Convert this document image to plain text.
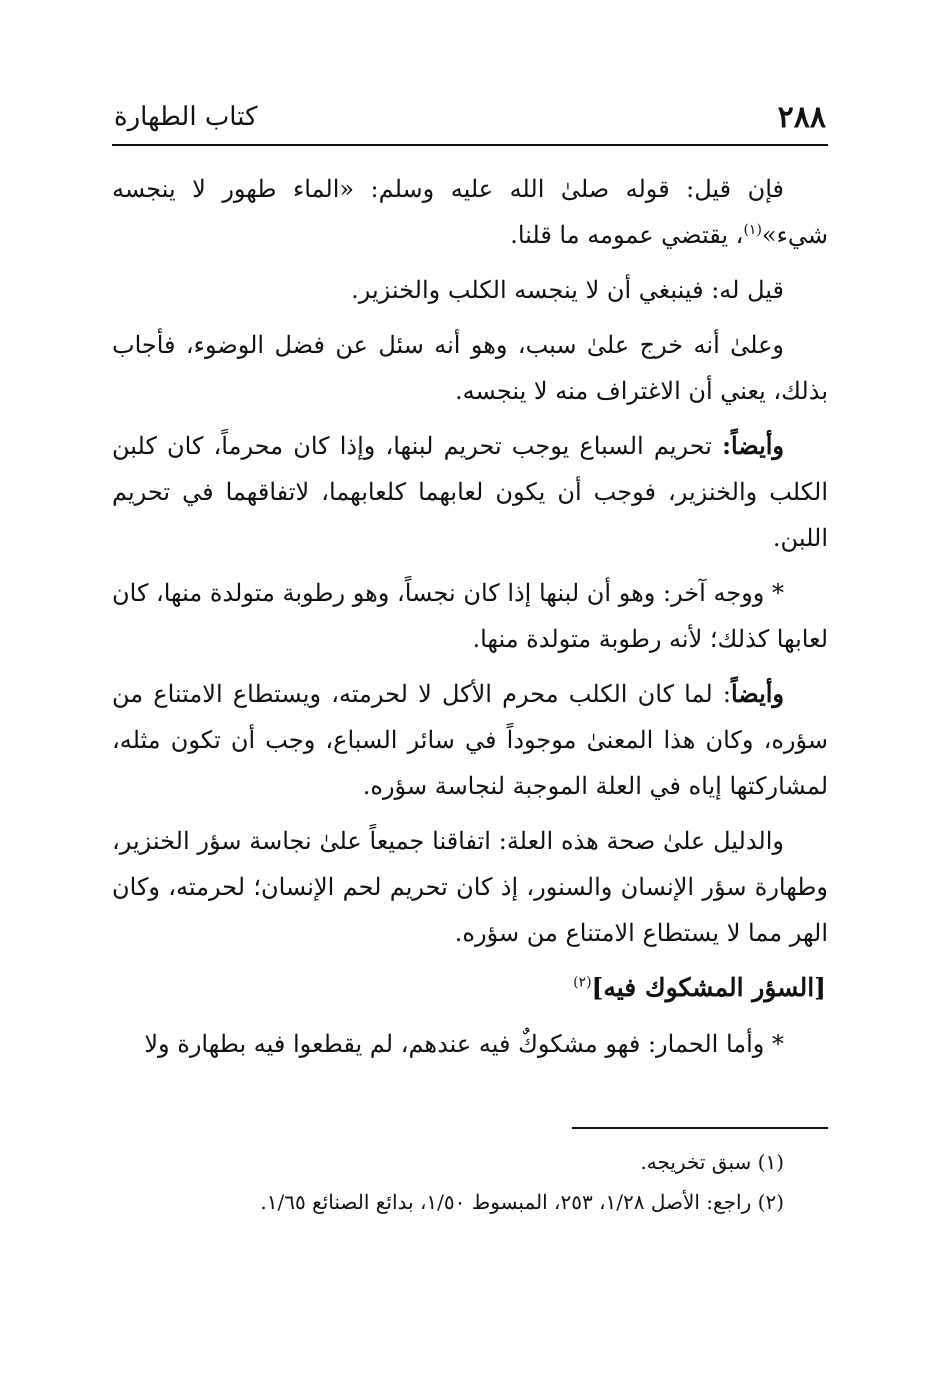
٢٨٨
كتاب الطهارة

فإن قيل: قوله صلىٰ الله عليه وسلم: «الماء طهور لا ينجسه شيء»$^{(١)}$، يقتضي عمومه ما قلنا.

قيل له: فينبغي أن لا ينجسه الكلب والخنزير.

وعلىٰ أنه خرج علىٰ سبب، وهو أنه سئل عن فضل الوضوء، فأجاب بذلك، يعني أن الاغتراف منه لا ينجسه.

وأيضاً: تحريم السباع يوجب تحريم لبنها، وإذا كان محرماً، كان كلبن الكلب والخنزير، فوجب أن يكون لعابهما كلعابهما، لاتفاقهما في تحريم اللبن.

* ووجه آخر: وهو أن لبنها إذا كان نجساً، وهو رطوبة متولدة منها، كان لعابها كذلك؛ لأنه رطوبة متولدة منها.

وأيضاً: لما كان الكلب محرم الأكل لا لحرمته، ويستطاع الامتناع من سؤره، وكان هذا المعنىٰ موجوداً في سائر السباع، وجب أن تكون مثله، لمشاركتها إياه في العلة الموجبة لنجاسة سؤره.

والدليل علىٰ صحة هذه العلة: اتفاقنا جميعاً علىٰ نجاسة سؤر الخنزير، وطهارة سؤر الإنسان والسنور، إذ كان تحريم لحم الإنسان؛ لحرمته، وكان الهر مما لا يستطاع الامتناع من سؤره.

[السؤر المشكوك فيه]$^{(٢)}$

* وأما الحمار: فهو مشكوكٌ فيه عندهم، لم يقطعوا فيه بطهارة ولا

(١) سبق تخريجه.

(٢) راجع: الأصل ١/٢٨، ٢٥٣، المبسوط ١/٥٠، بدائع الصنائع ١/٦٥.
